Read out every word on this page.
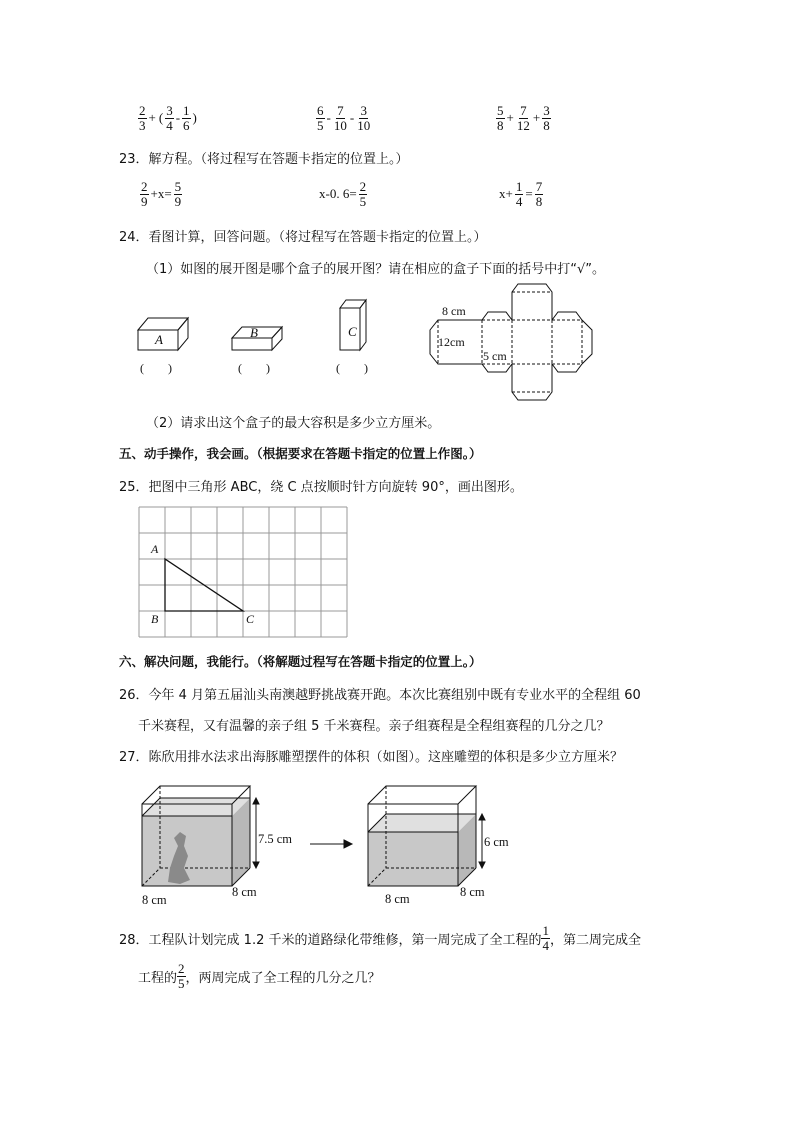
$\frac{2}{3}$ + ( $\frac{3}{4} - \frac{1}{6}$ )	$\frac{6}{5} - \frac{7}{10} - \frac{3}{10}$	$\frac{5}{8} + \frac{7}{12} + \frac{3}{8}$
23．解方程。（将过程写在答题卡指定的位置上。）
$\frac{2}{9} +x= \frac{5}{9}$	x-0. $6= \frac{2}{5}$	$x+ \frac{1}{4} = \frac{7}{8}$
24．看图计算，回答问题。（将过程写在答题卡指定的位置上。）
（1）如图的展开图是哪个盒子的展开图？请在相应的盒子下面的括号中打“√”。
A	B	C
8 cm
12cm
5 cm
(　　)	(　　)	(　　)
（2）请求出这个盒子的最大容积是多少立方厘米。
五、动手操作，我会画。（根据要求在答题卡指定的位置上作图。）
25．把图中三角形 ABC，绕 C 点按顺时针方向旋转 90°，画出图形。
A
B	C
六、解决问题，我能行。（将解题过程写在答题卡指定的位置上。）
26．今年 4 月第五届汕头南澳越野挑战赛开跑。本次比赛组别中既有专业水平的全程组 60
千米赛程，又有温馨的亲子组 5 千米赛程。亲子组赛程是全程组赛程的几分之几？
27．陈欣用排水法求出海豚雕塑摆件的体积（如图）。这座雕塑的体积是多少立方厘米？
7.5 cm
8 cm
8 cm
6 cm
8 cm	8 cm
28．工程队计划完成 1.2 千米的道路绿化带维修，第一周完成了全工程的 $\frac{1}{4}$ ，第二周完成全
工程的 $\frac{2}{5}$ ，两周完成了全工程的几分之几？
